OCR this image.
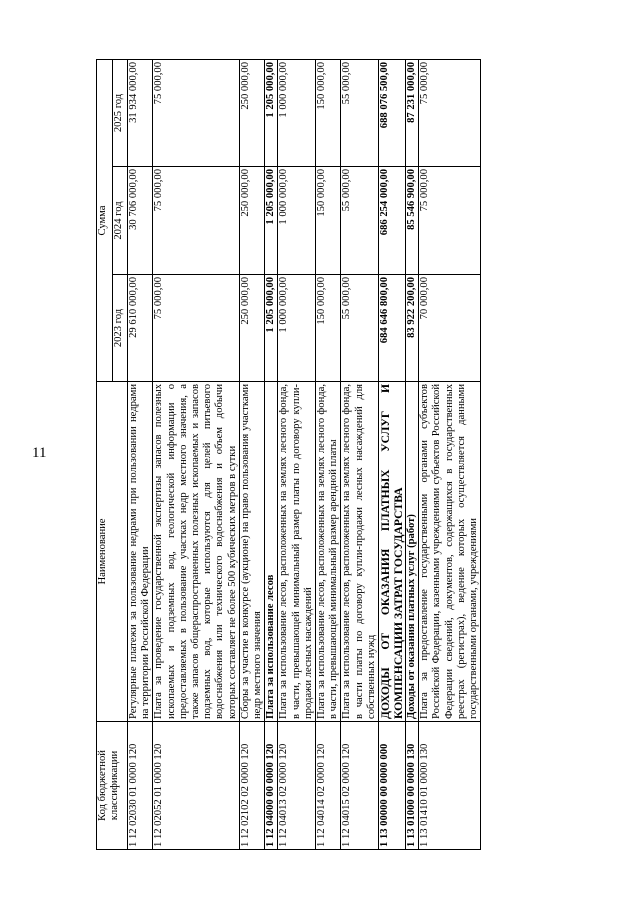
11
Код бюджетной классификации	Наименование	Сумма		
		2023 год	2024 год	2025 год
1 12 02030 01 0000 120	Регулярные платежи за пользование недрами при пользовании недрами на территории Российской Федерации	29 610 000,00	30 706 000,00	31 934 000,00
1 12 02052 01 0000 120	Плата за проведение государственной экспертизы запасов полезных ископаемых и подземных вод, геологической информации о предоставляемых в пользование участках недр местного значения, а также запасов общераспространенных полезных ископаемых и запасов подземных вод, которые используются для целей питьевого водоснабжения или технического водоснабжения и объем добычи которых составляет не более 500 кубических метров в сутки	75 000,00	75 000,00	75 000,00
1 12 02102 02 0000 120	Сборы за участие в конкурсе (аукционе) на право пользования участками недр местного значения	250 000,00	250 000,00	250 000,00
1 12 04000 00 0000 120	Плата за использование лесов	1 205 000,00	1 205 000,00	1 205 000,00
1 12 04013 02 0000 120	Плата за использование лесов, расположенных на землях лесного фонда, в части, превышающей минимальный размер платы по договору купли-продажи лесных насаждений	1 000 000,00	1 000 000,00	1 000 000,00
1 12 04014 02 0000 120	Плата за использование лесов, расположенных на землях лесного фонда, в части, превышающей минимальный размер арендной платы	150 000,00	150 000,00	150 000,00
1 12 04015 02 0000 120	Плата за использование лесов, расположенных на землях лесного фонда, в части платы по договору купли-продажи лесных насаждений для собственных нужд	55 000,00	55 000,00	55 000,00
1 13 00000 00 0000 000	ДОХОДЫ ОТ ОКАЗАНИЯ ПЛАТНЫХ УСЛУГ И КОМПЕНСАЦИИ ЗАТРАТ ГОСУДАРСТВА	684 646 800,00	686 254 000,00	688 076 500,00
1 13 01000 00 0000 130	Доходы от оказания платных услуг (работ)	83 922 200,00	85 546 900,00	87 231 000,00
1 13 01410 01 0000 130	Плата за предоставление государственными органами субъектов Российской Федерации, казенными учреждениями субъектов Российской Федерации сведений, документов, содержащихся в государственных реестрах (регистрах), ведение которых осуществляется данными государственными органами, учреждениями	70 000,00	75 000,00	75 000,00
